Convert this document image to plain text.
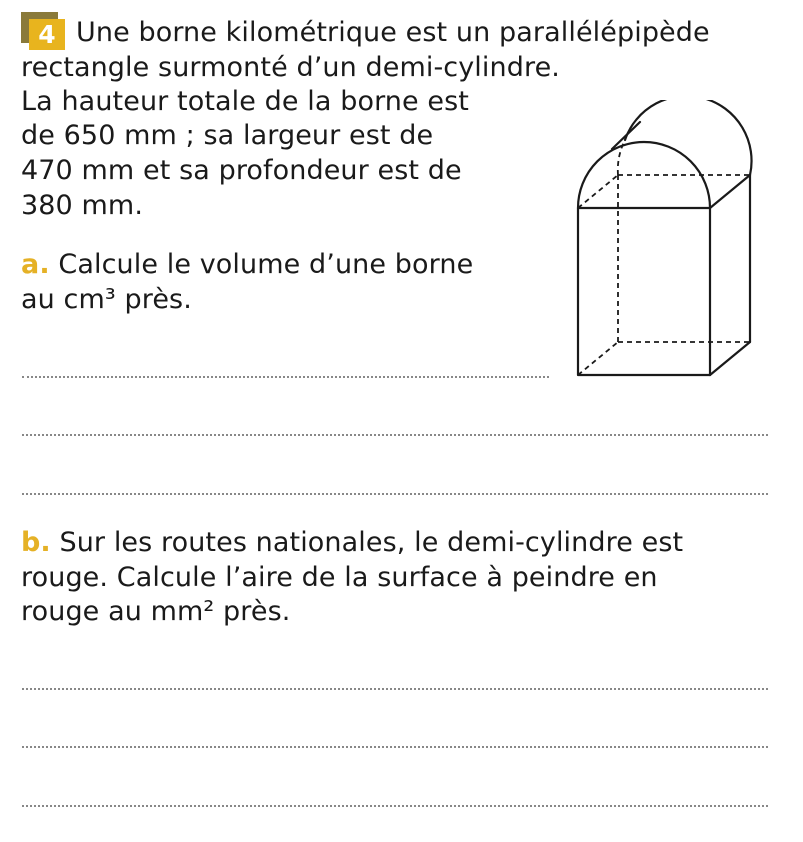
4 Une borne kilométrique est un parallélépipède
rectangle surmonté d’un demi-cylindre.
La hauteur totale de la borne est
de 650 mm ; sa largeur est de
470 mm et sa profondeur est de
380 mm.
a. Calcule le volume d’une borne
au cm³ près.
b. Sur les routes nationales, le demi-cylindre est
rouge. Calcule l’aire de la surface à peindre en
rouge au mm² près.
